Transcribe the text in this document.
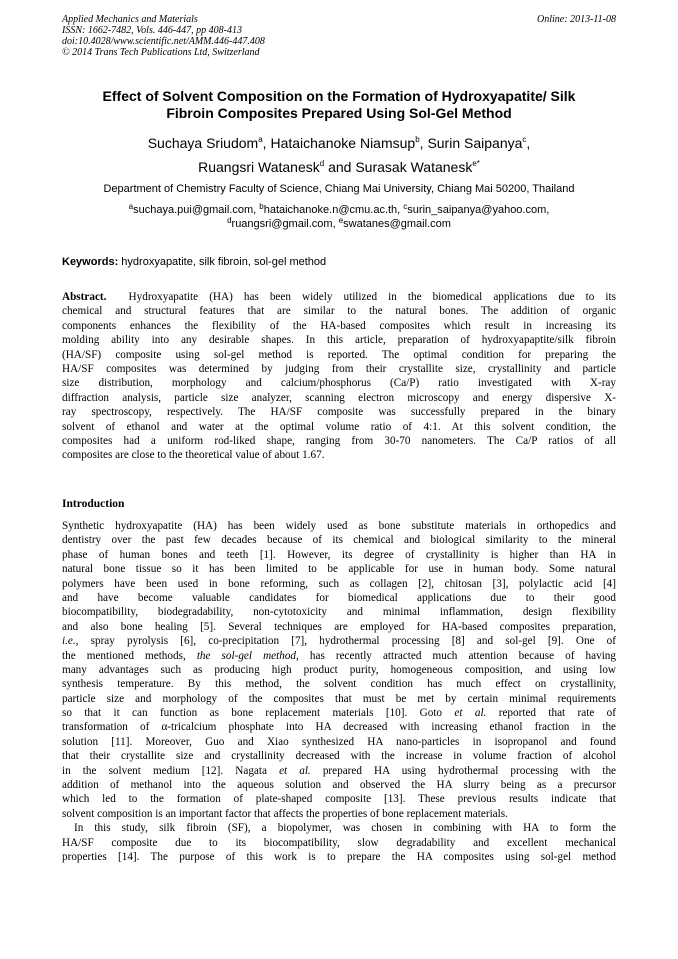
Applied Mechanics and Materials
ISSN: 1662-7482, Vols. 446-447, pp 408-413
doi:10.4028/www.scientific.net/AMM.446-447.408
© 2014 Trans Tech Publications Ltd, Switzerland
Online: 2013-11-08
Effect of Solvent Composition on the Formation of Hydroxyapatite/ Silk
Fibroin Composites Prepared Using Sol-Gel Method
Suchaya Sriudom$^a$, Hataichanoke Niamsup$^b$, Surin Saipanya$^c$,
Ruangsri Watanesk$^d$ and Surasak Watanesk$^{e*}$
Department of Chemistry Faculty of Science, Chiang Mai University, Chiang Mai 50200, Thailand
$^a$suchaya.pui@gmail.com, $^b$hataichanoke.n@cmu.ac.th, $^c$surin_saipanya@yahoo.com,
$^d$ruangsri@gmail.com, $^e$swatanes@gmail.com
Keywords: hydroxyapatite, silk fibroin, sol-gel method
Abstract. Hydroxyapatite (HA) has been widely utilized in the biomedical applications due to its
chemical and structural features that are similar to the natural bones. The addition of organic
components enhances the flexibility of the HA-based composites which result in increasing its
molding ability into any desirable shapes. In this article, preparation of hydroxyapaptite/silk fibroin
(HA/SF) composite using sol-gel method is reported. The optimal condition for preparing the
HA/SF composites was determined by judging from their crystallite size, crystallinity and particle
size distribution, morphology and calcium/phosphorus (Ca/P) ratio investigated with X-ray
diffraction analysis, particle size analyzer, scanning electron microscopy and energy dispersive X-
ray spectroscopy, respectively. The HA/SF composite was successfully prepared in the binary
solvent of ethanol and water at the optimal volume ratio of 4:1. At this solvent condition, the
composites had a uniform rod-liked shape, ranging from 30-70 nanometers. The Ca/P ratios of all
composites are close to the theoretical value of about 1.67.
Introduction
Synthetic hydroxyapatite (HA) has been widely used as bone substitute materials in orthopedics and
dentistry over the past few decades because of its chemical and biological similarity to the mineral
phase of human bones and teeth [1]. However, its degree of crystallinity is higher than HA in
natural bone tissue so it has been limited to be applicable for use in human body. Some natural
polymers have been used in bone reforming, such as collagen [2], chitosan [3], polylactic acid [4]
and have become valuable candidates for biomedical applications due to their good
biocompatibility, biodegradability, non-cytotoxicity and minimal inflammation, design flexibility
and also bone healing [5]. Several techniques are employed for HA-based composites preparation,
i.e., spray pyrolysis [6], co-precipitation [7], hydrothermal processing [8] and sol-gel [9]. One of
the mentioned methods, the sol-gel method, has recently attracted much attention because of having
many advantages such as producing high product purity, homogeneous composition, and using low
synthesis temperature. By this method, the solvent condition has much effect on crystallinity,
particle size and morphology of the composites that must be met by certain minimal requirements
so that it can function as bone replacement materials [10]. Goto et al. reported that rate of
transformation of α-tricalcium phosphate into HA decreased with increasing ethanol fraction in the
solution [11]. Moreover, Guo and Xiao synthesized HA nano-particles in isopropanol and found
that their crystallite size and crystallinity decreased with the increase in volume fraction of alcohol
in the solvent medium [12]. Nagata et al. prepared HA using hydrothermal processing with the
addition of methanol into the aqueous solution and observed the HA slurry being as a precursor
which led to the formation of plate-shaped composite [13]. These previous results indicate that
solvent composition is an important factor that affects the properties of bone replacement materials.
In this study, silk fibroin (SF), a biopolymer, was chosen in combining with HA to form the
HA/SF composite due to its biocompatibility, slow degradability and excellent mechanical
properties [14]. The purpose of this work is to prepare the HA composites using sol-gel method
